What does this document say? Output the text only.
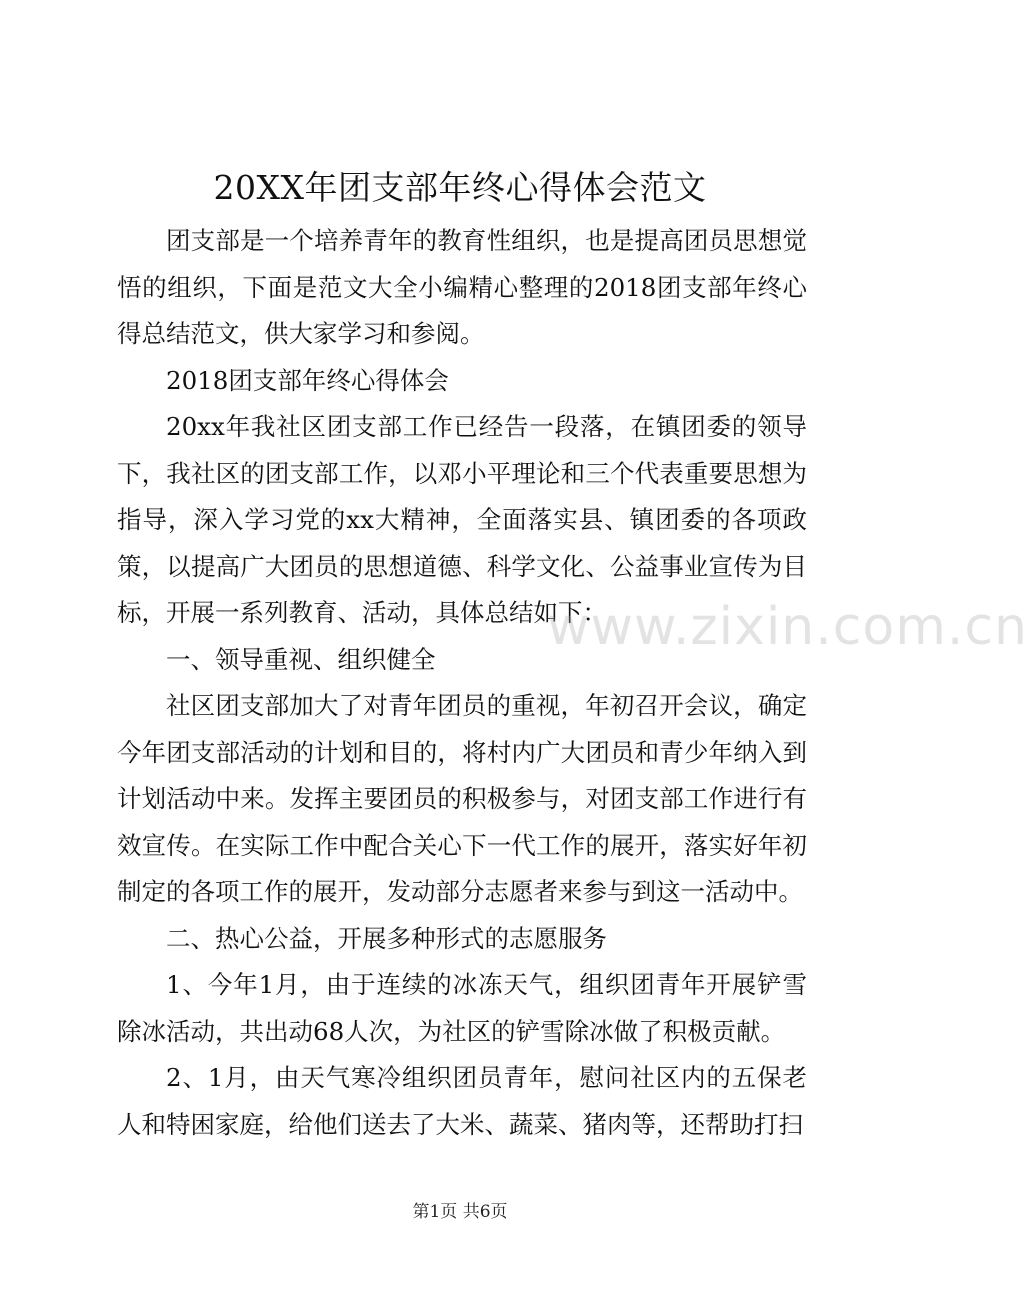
20XX年团支部年终心得体会范文

团支部是一个培养青年的教育性组织，也是提高团员思想觉悟的组织，下面是范文大全小编精心整理的2018团支部年终心得总结范文，供大家学习和参阅。

2018团支部年终心得体会

20xx年我社区团支部工作已经告一段落，在镇团委的领导下，我社区的团支部工作，以邓小平理论和三个代表重要思想为指导，深入学习党的xx大精神，全面落实县、镇团委的各项政策，以提高广大团员的思想道德、科学文化、公益事业宣传为目标，开展一系列教育、活动，具体总结如下：

一、领导重视、组织健全

社区团支部加大了对青年团员的重视，年初召开会议，确定今年团支部活动的计划和目的，将村内广大团员和青少年纳入到计划活动中来。发挥主要团员的积极参与，对团支部工作进行有效宣传。在实际工作中配合关心下一代工作的展开，落实好年初制定的各项工作的展开，发动部分志愿者来参与到这一活动中。

二、热心公益，开展多种形式的志愿服务

1、今年1月，由于连续的冰冻天气，组织团青年开展铲雪除冰活动，共出动68人次，为社区的铲雪除冰做了积极贡献。

2、1月，由天气寒冷组织团员青年，慰问社区内的五保老人和特困家庭，给他们送去了大米、蔬菜、猪肉等，还帮助打扫

www.zixin.com.cn
第1页 共6页
